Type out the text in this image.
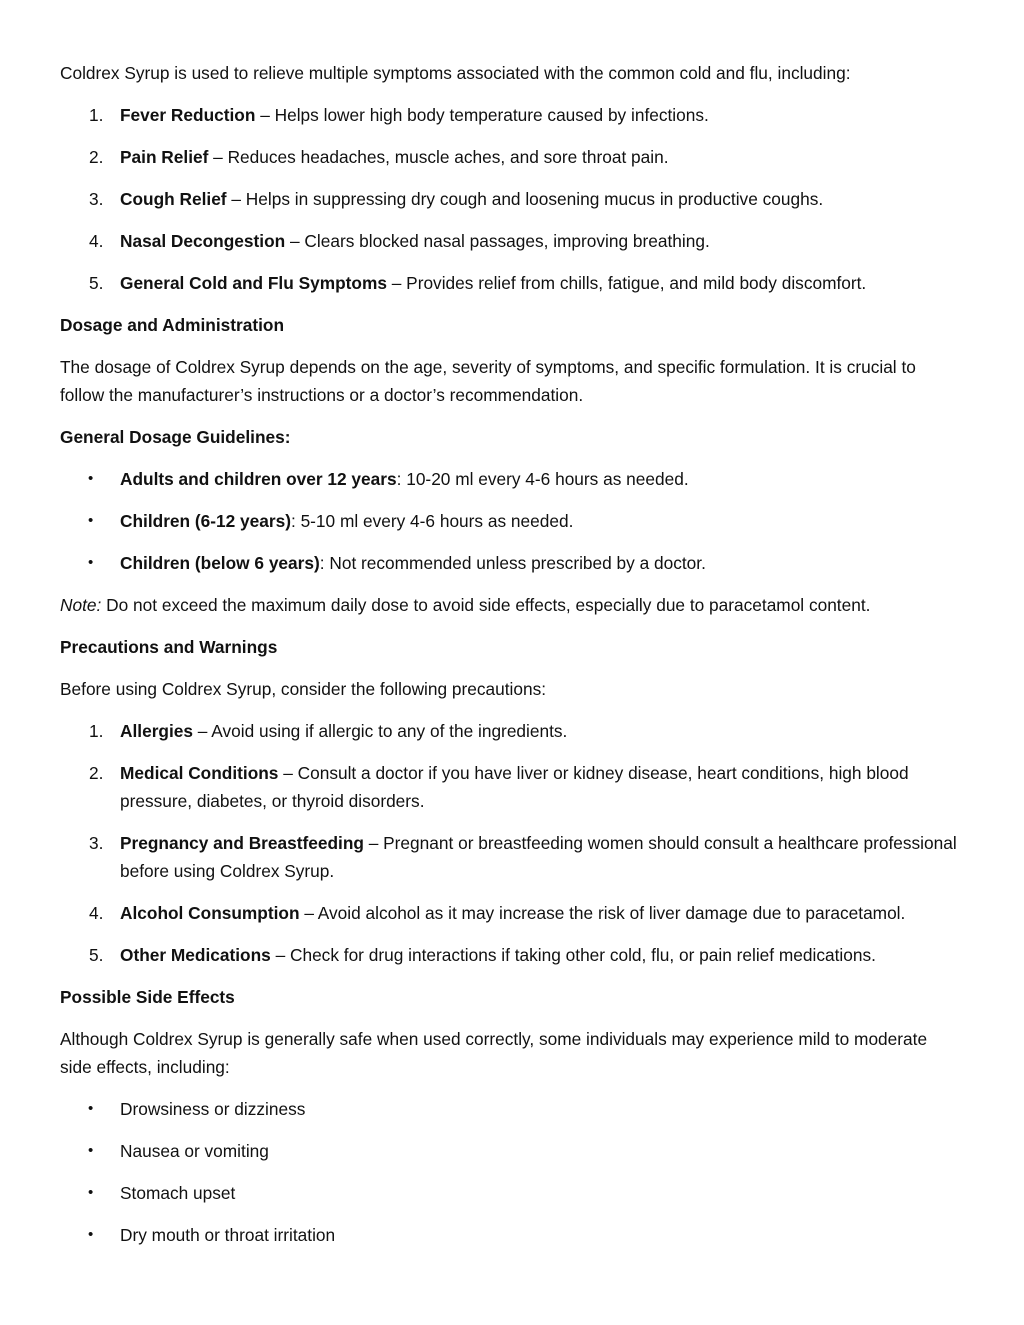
Coldrex Syrup is used to relieve multiple symptoms associated with the common cold and flu, including:

1. Fever Reduction – Helps lower high body temperature caused by infections.
2. Pain Relief – Reduces headaches, muscle aches, and sore throat pain.
3. Cough Relief – Helps in suppressing dry cough and loosening mucus in productive coughs.
4. Nasal Decongestion – Clears blocked nasal passages, improving breathing.
5. General Cold and Flu Symptoms – Provides relief from chills, fatigue, and mild body discomfort.

Dosage and Administration

The dosage of Coldrex Syrup depends on the age, severity of symptoms, and specific formulation. It is crucial to follow the manufacturer’s instructions or a doctor’s recommendation.

General Dosage Guidelines:

• Adults and children over 12 years: 10-20 ml every 4-6 hours as needed.
• Children (6-12 years): 5-10 ml every 4-6 hours as needed.
• Children (below 6 years): Not recommended unless prescribed by a doctor.

Note: Do not exceed the maximum daily dose to avoid side effects, especially due to paracetamol content.

Precautions and Warnings

Before using Coldrex Syrup, consider the following precautions:

1. Allergies – Avoid using if allergic to any of the ingredients.
2. Medical Conditions – Consult a doctor if you have liver or kidney disease, heart conditions, high blood pressure, diabetes, or thyroid disorders.
3. Pregnancy and Breastfeeding – Pregnant or breastfeeding women should consult a healthcare professional before using Coldrex Syrup.
4. Alcohol Consumption – Avoid alcohol as it may increase the risk of liver damage due to paracetamol.
5. Other Medications – Check for drug interactions if taking other cold, flu, or pain relief medications.

Possible Side Effects

Although Coldrex Syrup is generally safe when used correctly, some individuals may experience mild to moderate side effects, including:

• Drowsiness or dizziness
• Nausea or vomiting
• Stomach upset
• Dry mouth or throat irritation
